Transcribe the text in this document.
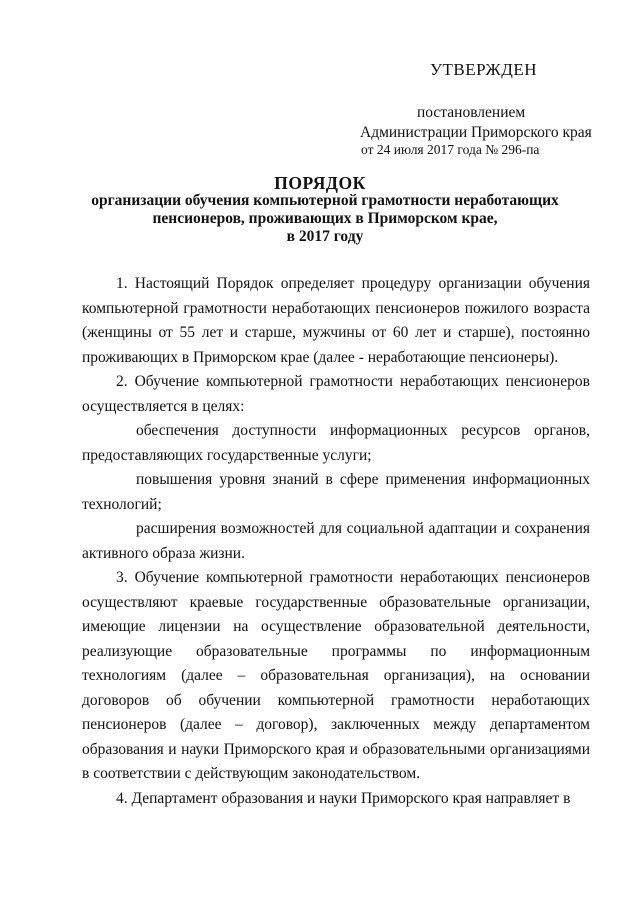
УТВЕРЖДЕН
постановлением
Администрации Приморского края
от 24 июля 2017 года № 296-па
ПОРЯДОК
организации обучения компьютерной грамотности неработающих
пенсионеров, проживающих в Приморском крае,
в 2017 году

1. Настоящий Порядок определяет процедуру организации обучения компьютерной грамотности неработающих пенсионеров пожилого возраста (женщины от 55 лет и старше, мужчины от 60 лет и старше), постоянно проживающих в Приморском крае (далее - неработающие пенсионеры).

2. Обучение компьютерной грамотности неработающих пенсионеров осуществляется в целях:

обеспечения доступности информационных ресурсов органов, предоставляющих государственные услуги;

повышения уровня знаний в сфере применения информационных технологий;

расширения возможностей для социальной адаптации и сохранения активного образа жизни.

3. Обучение компьютерной грамотности неработающих пенсионеров осуществляют краевые государственные образовательные организации, имеющие лицензии на осуществление образовательной деятельности, реализующие образовательные программы по информационным технологиям (далее – образовательная организация), на основании договоров об обучении компьютерной грамотности неработающих пенсионеров (далее – договор), заключенных между департаментом образования и науки Приморского края и образовательными организациями в соответствии с действующим законодательством.

4. Департамент образования и науки Приморского края направляет в
